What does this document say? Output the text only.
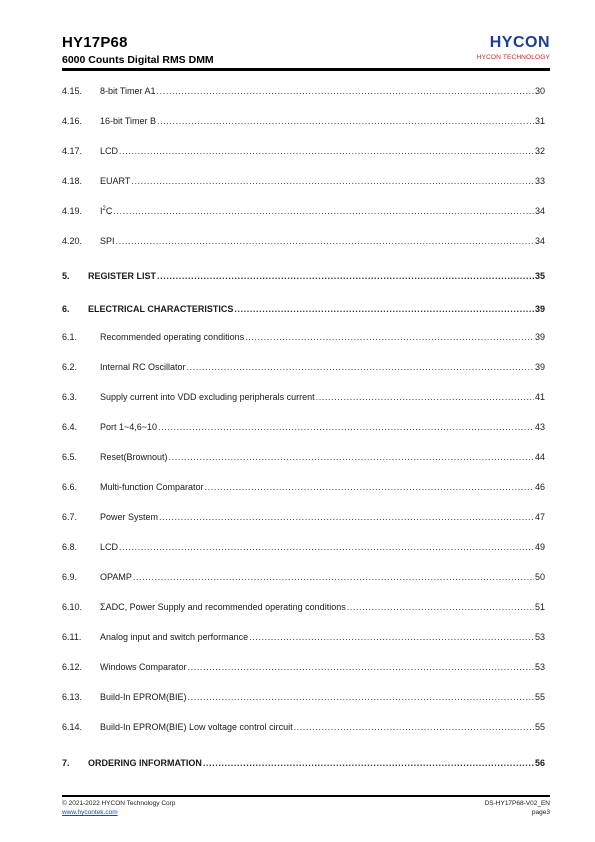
HY17P68
6000 Counts Digital RMS DMM
HYCON
HYCON TECHNOLOGY
4.15.	8-bit Timer A1 .....	30
4.16.	16-bit Timer B .....	31
4.17.	LCD .....	32
4.18.	EUART .....	33
4.19.	$I^2C$ .....	34
4.20.	SPI .....	34
5.	REGISTER LIST .....	35
6.	ELECTRICAL CHARACTERISTICS .....	39
6.1.	Recommended operating conditions .....	39
6.2.	Internal RC Oscillator .....	39
6.3.	Supply current into VDD excluding peripherals current .....	41
6.4.	Port 1~4,6~10 .....	43
6.5.	Reset(Brownout) .....	44
6.6.	Multi-function Comparator .....	46
6.7.	Power System .....	47
6.8.	LCD .....	49
6.9.	OPAMP .....	50
6.10.	ΣADC, Power Supply and recommended operating conditions .....	51
6.11.	Analog input and switch performance .....	53
6.12.	Windows Comparator .....	53
6.13.	Build-In EPROM(BIE) .....	55
6.14.	Build-In EPROM(BIE) Low voltage control circuit .....	55
7.	ORDERING INFORMATION .....	56
© 2021-2022 HYCON Technology Corp
www.hycontek.com
DS-HY17P68-V02_EN
page3
